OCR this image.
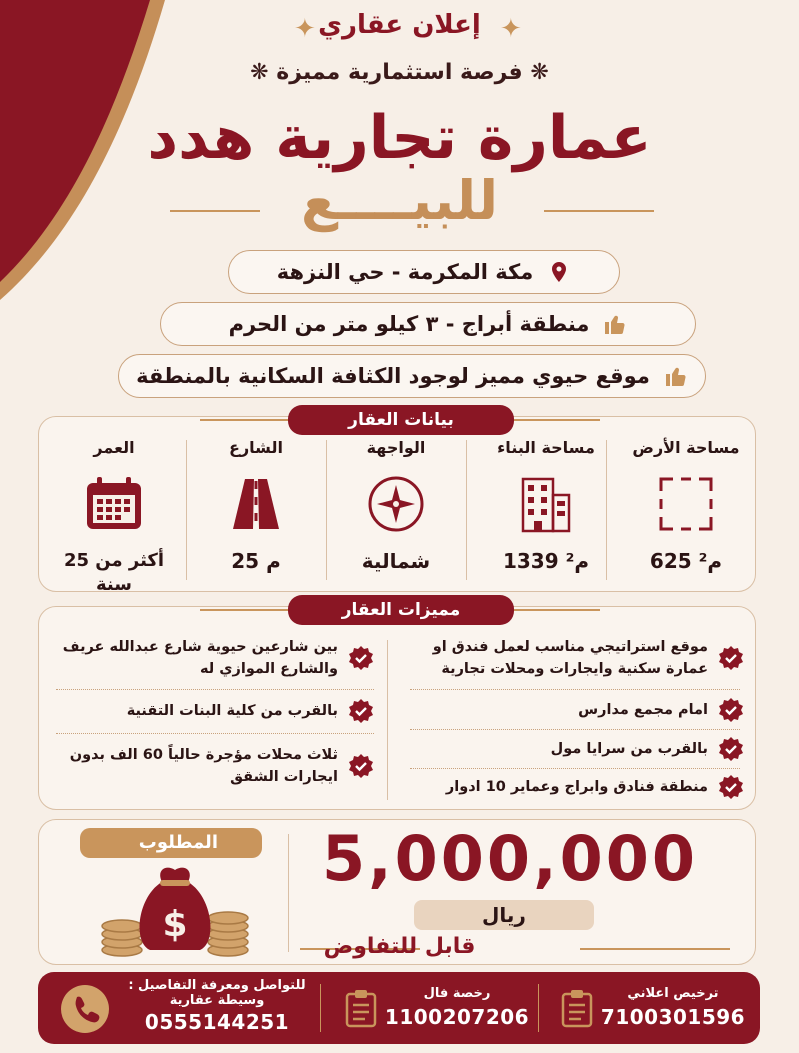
✦	✦
إعلان عقاري
❋ فرصة استثمارية مميزة ❋
عمارة تجارية هدد
للبيــــع
مكة المكرمة - حي النزهة
منطقة أبراج - ٣ كيلو متر من الحرم
موقع حيوي مميز لوجود الكثافة السكانية بالمنطقة
بيانات العقار
مساحة الأرض
625 م²
مساحة البناء
1339 م²
الواجهة
شمالية
الشارع
25 م
العمر
أكثر من 25 سنة
مميزات العقار
موقع استراتيجي مناسب لعمل فندق او عمارة سكنية وايجارات ومحلات تجارية
امام مجمع مدارس
بالقرب من سرايا مول
منطقة فنادق وابراج وعماير 10 ادوار
بين شارعين حيوية شارع عبدالله عريف والشارع الموازي له
بالقرب من كلية البنات التقنية
ثلاث محلات مؤجرة حالياً 60 الف بدون ايجارات الشقق
المطلوب
$
5,000,000
ريال
قابل للتفاوض
ترخيص اعلاني
7100301596
رخصة فال
1100207206
للتواصل ومعرفة التفاصيل :
وسيطة عقارية
0555144251
